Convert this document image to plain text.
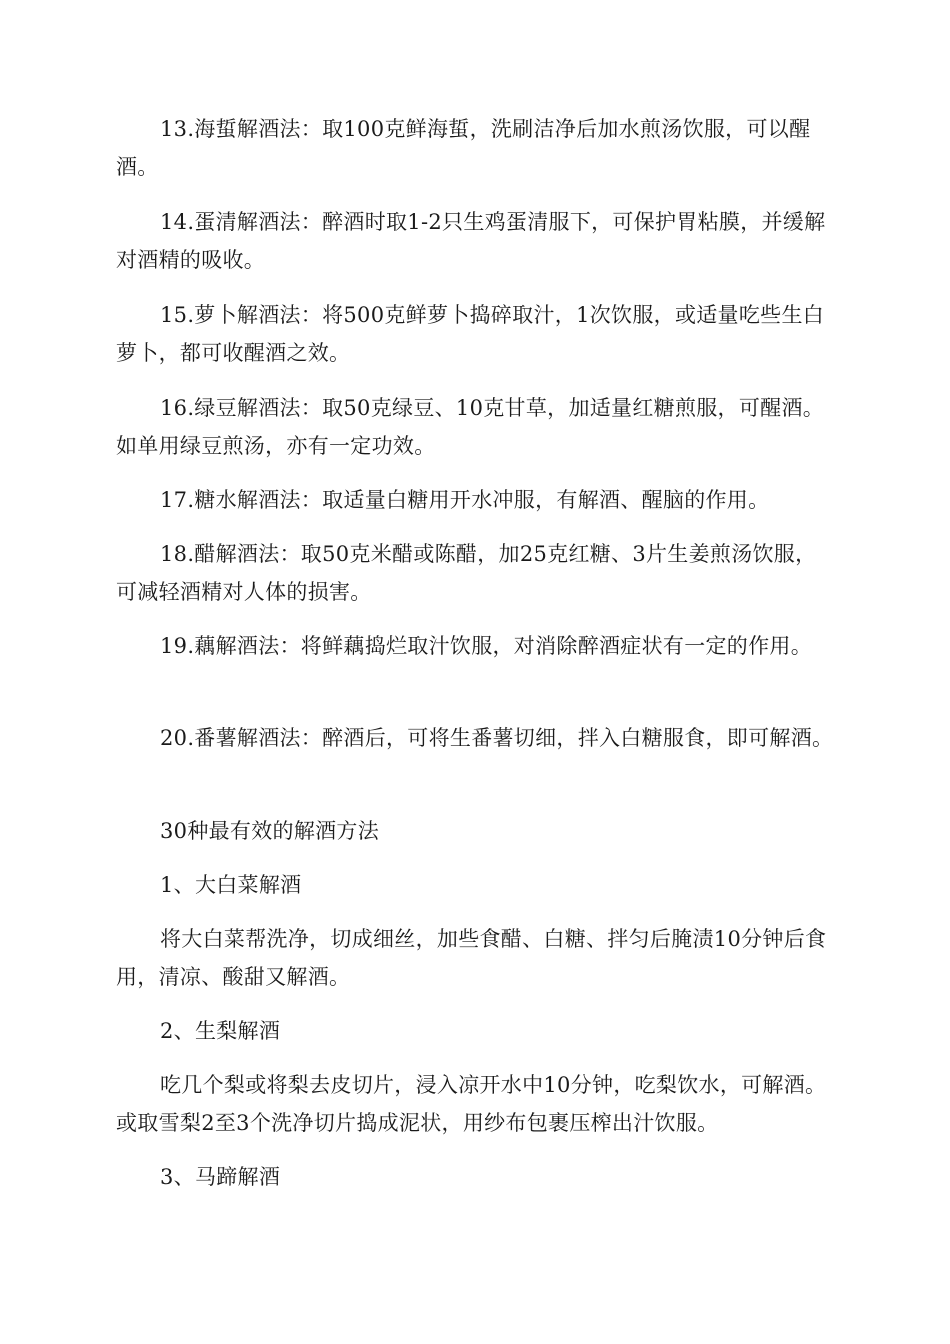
13.海蜇解酒法：取100克鲜海蜇，洗刷洁净后加水煎汤饮服，可以醒酒。

14.蛋清解酒法：醉酒时取1-2只生鸡蛋清服下，可保护胃粘膜，并缓解对酒精的吸收。

15.萝卜解酒法：将500克鲜萝卜捣碎取汁，1次饮服，或适量吃些生白萝卜，都可收醒酒之效。

16.绿豆解酒法：取50克绿豆、10克甘草，加适量红糖煎服，可醒酒。如单用绿豆煎汤，亦有一定功效。

17.糖水解酒法：取适量白糖用开水冲服，有解酒、醒脑的作用。

18.醋解酒法：取50克米醋或陈醋，加25克红糖、3片生姜煎汤饮服，可减轻酒精对人体的损害。

19.藕解酒法：将鲜藕捣烂取汁饮服，对消除醉酒症状有一定的作用。

20.番薯解酒法：醉酒后，可将生番薯切细，拌入白糖服食，即可解酒。

30种最有效的解酒方法

1、大白菜解酒

将大白菜帮洗净，切成细丝，加些食醋、白糖、拌匀后腌渍10分钟后食用，清凉、酸甜又解酒。

2、生梨解酒

吃几个梨或将梨去皮切片，浸入凉开水中10分钟，吃梨饮水，可解酒。或取雪梨2至3个洗净切片捣成泥状，用纱布包裹压榨出汁饮服。

3、马蹄解酒
